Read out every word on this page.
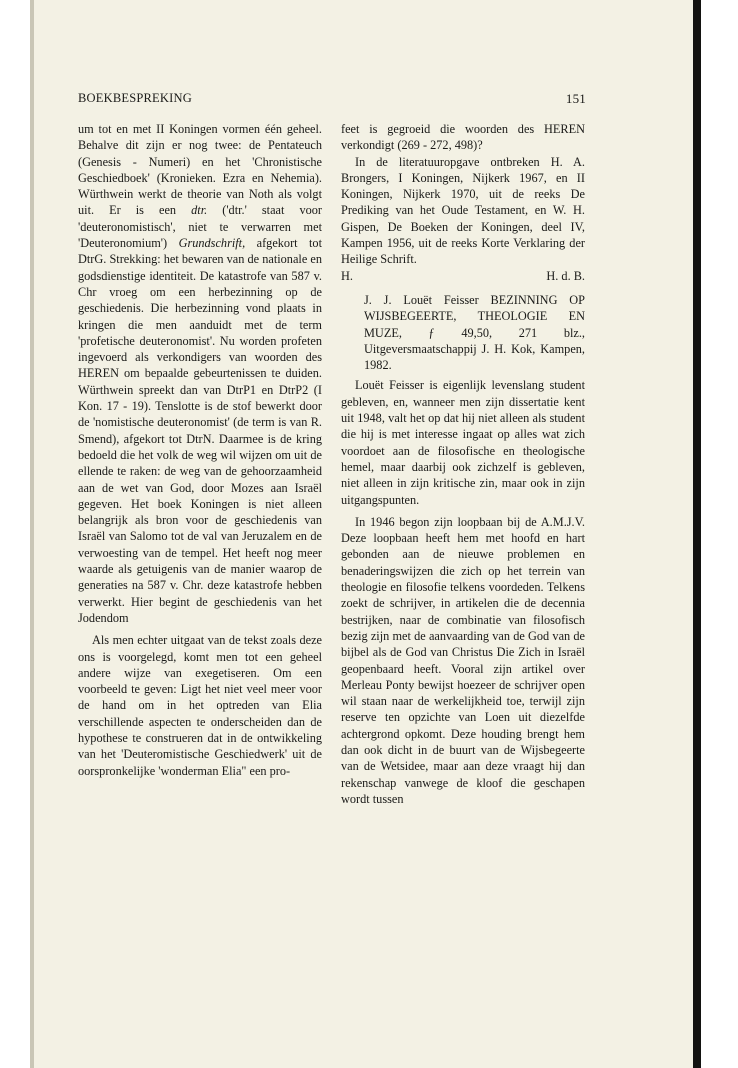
BOEKBESPREKING	151

um tot en met II Koningen vormen één geheel. Behalve dit zijn er nog twee: de Pentateuch (Genesis - Numeri) en het 'Chronistische Geschiedboek' (Kronieken. Ezra en Nehemia). Würthwein werkt de theorie van Noth als volgt uit. Er is een dtr. ('dtr.' staat voor 'deuteronomistisch', niet te verwarren met 'Deuteronomium') Grundschrift, afgekort tot DtrG. Strekking: het bewaren van de nationale en godsdienstige identiteit. De katastrofe van 587 v. Chr vroeg om een herbezinning op de geschiedenis. Die herbezinning vond plaats in kringen die men aanduidt met de term 'profetische deuteronomist'. Nu worden profeten ingevoerd als verkondigers van woorden des HEREN om bepaalde gebeurtenissen te duiden. Würthwein spreekt dan van DtrP1 en DtrP2 (I Kon. 17 - 19). Tenslotte is de stof bewerkt door de 'nomistische deuteronomist' (de term is van R. Smend), afgekort tot DtrN. Daarmee is de kring bedoeld die het volk de weg wil wijzen om uit de ellende te raken: de weg van de gehoorzaamheid aan de wet van God, door Mozes aan Israël gegeven. Het boek Koningen is niet alleen belangrijk als bron voor de geschiedenis van Israël van Salomo tot de val van Jeruzalem en de verwoesting van de tempel. Het heeft nog meer waarde als getuigenis van de manier waarop de generaties na 587 v. Chr. deze katastrofe hebben verwerkt. Hier begint de geschiedenis van het Jodendom

Als men echter uitgaat van de tekst zoals deze ons is voorgelegd, komt men tot een geheel andere wijze van exegetiseren. Om een voorbeeld te geven: Ligt het niet veel meer voor de hand om in het optreden van Elia verschillende aspecten te onderscheiden dan de hypothese te construeren dat in de ontwikkeling van het 'Deuteromistische Geschiedwerk' uit de oorspronkelijke 'wonderman Elia" een pro-

feet is gegroeid die woorden des HEREN verkondigt (269 - 272, 498)?

In de literatuuropgave ontbreken H. A. Brongers, I Koningen, Nijkerk 1967, en II Koningen, Nijkerk 1970, uit de reeks De Prediking van het Oude Testament, en W. H. Gispen, De Boeken der Koningen, deel IV, Kampen 1956, uit de reeks Korte Verklaring der Heilige Schrift.

H.	H. d. B.

J. J. Louët Feisser BEZINNING OP WIJSBEGEERTE, THEOLOGIE EN MUZE, ƒ 49,50, 271 blz., Uitgeversmaatschappij J. H. Kok, Kampen, 1982.

Louët Feisser is eigenlijk levenslang student gebleven, en, wanneer men zijn dissertatie kent uit 1948, valt het op dat hij niet alleen als student die hij is met interesse ingaat op alles wat zich voordoet aan de filosofische en theologische hemel, maar daarbij ook zichzelf is gebleven, niet alleen in zijn kritische zin, maar ook in zijn uitgangspunten.

In 1946 begon zijn loopbaan bij de A.M.J.V. Deze loopbaan heeft hem met hoofd en hart gebonden aan de nieuwe problemen en benaderingswijzen die zich op het terrein van theologie en filosofie telkens voordeden. Telkens zoekt de schrijver, in artikelen die de decennia bestrijken, naar de combinatie van filosofisch bezig zijn met de aanvaarding van de God van de bijbel als de God van Christus Die Zich in Israël geopenbaard heeft. Vooral zijn artikel over Merleau Ponty bewijst hoezeer de schrijver open wil staan naar de werkelijkheid toe, terwijl zijn reserve ten opzichte van Loen uit diezelfde achtergrond opkomt. Deze houding brengt hem dan ook dicht in de buurt van de Wijsbegeerte van de Wetsidee, maar aan deze vraagt hij dan rekenschap vanwege de kloof die geschapen wordt tussen
